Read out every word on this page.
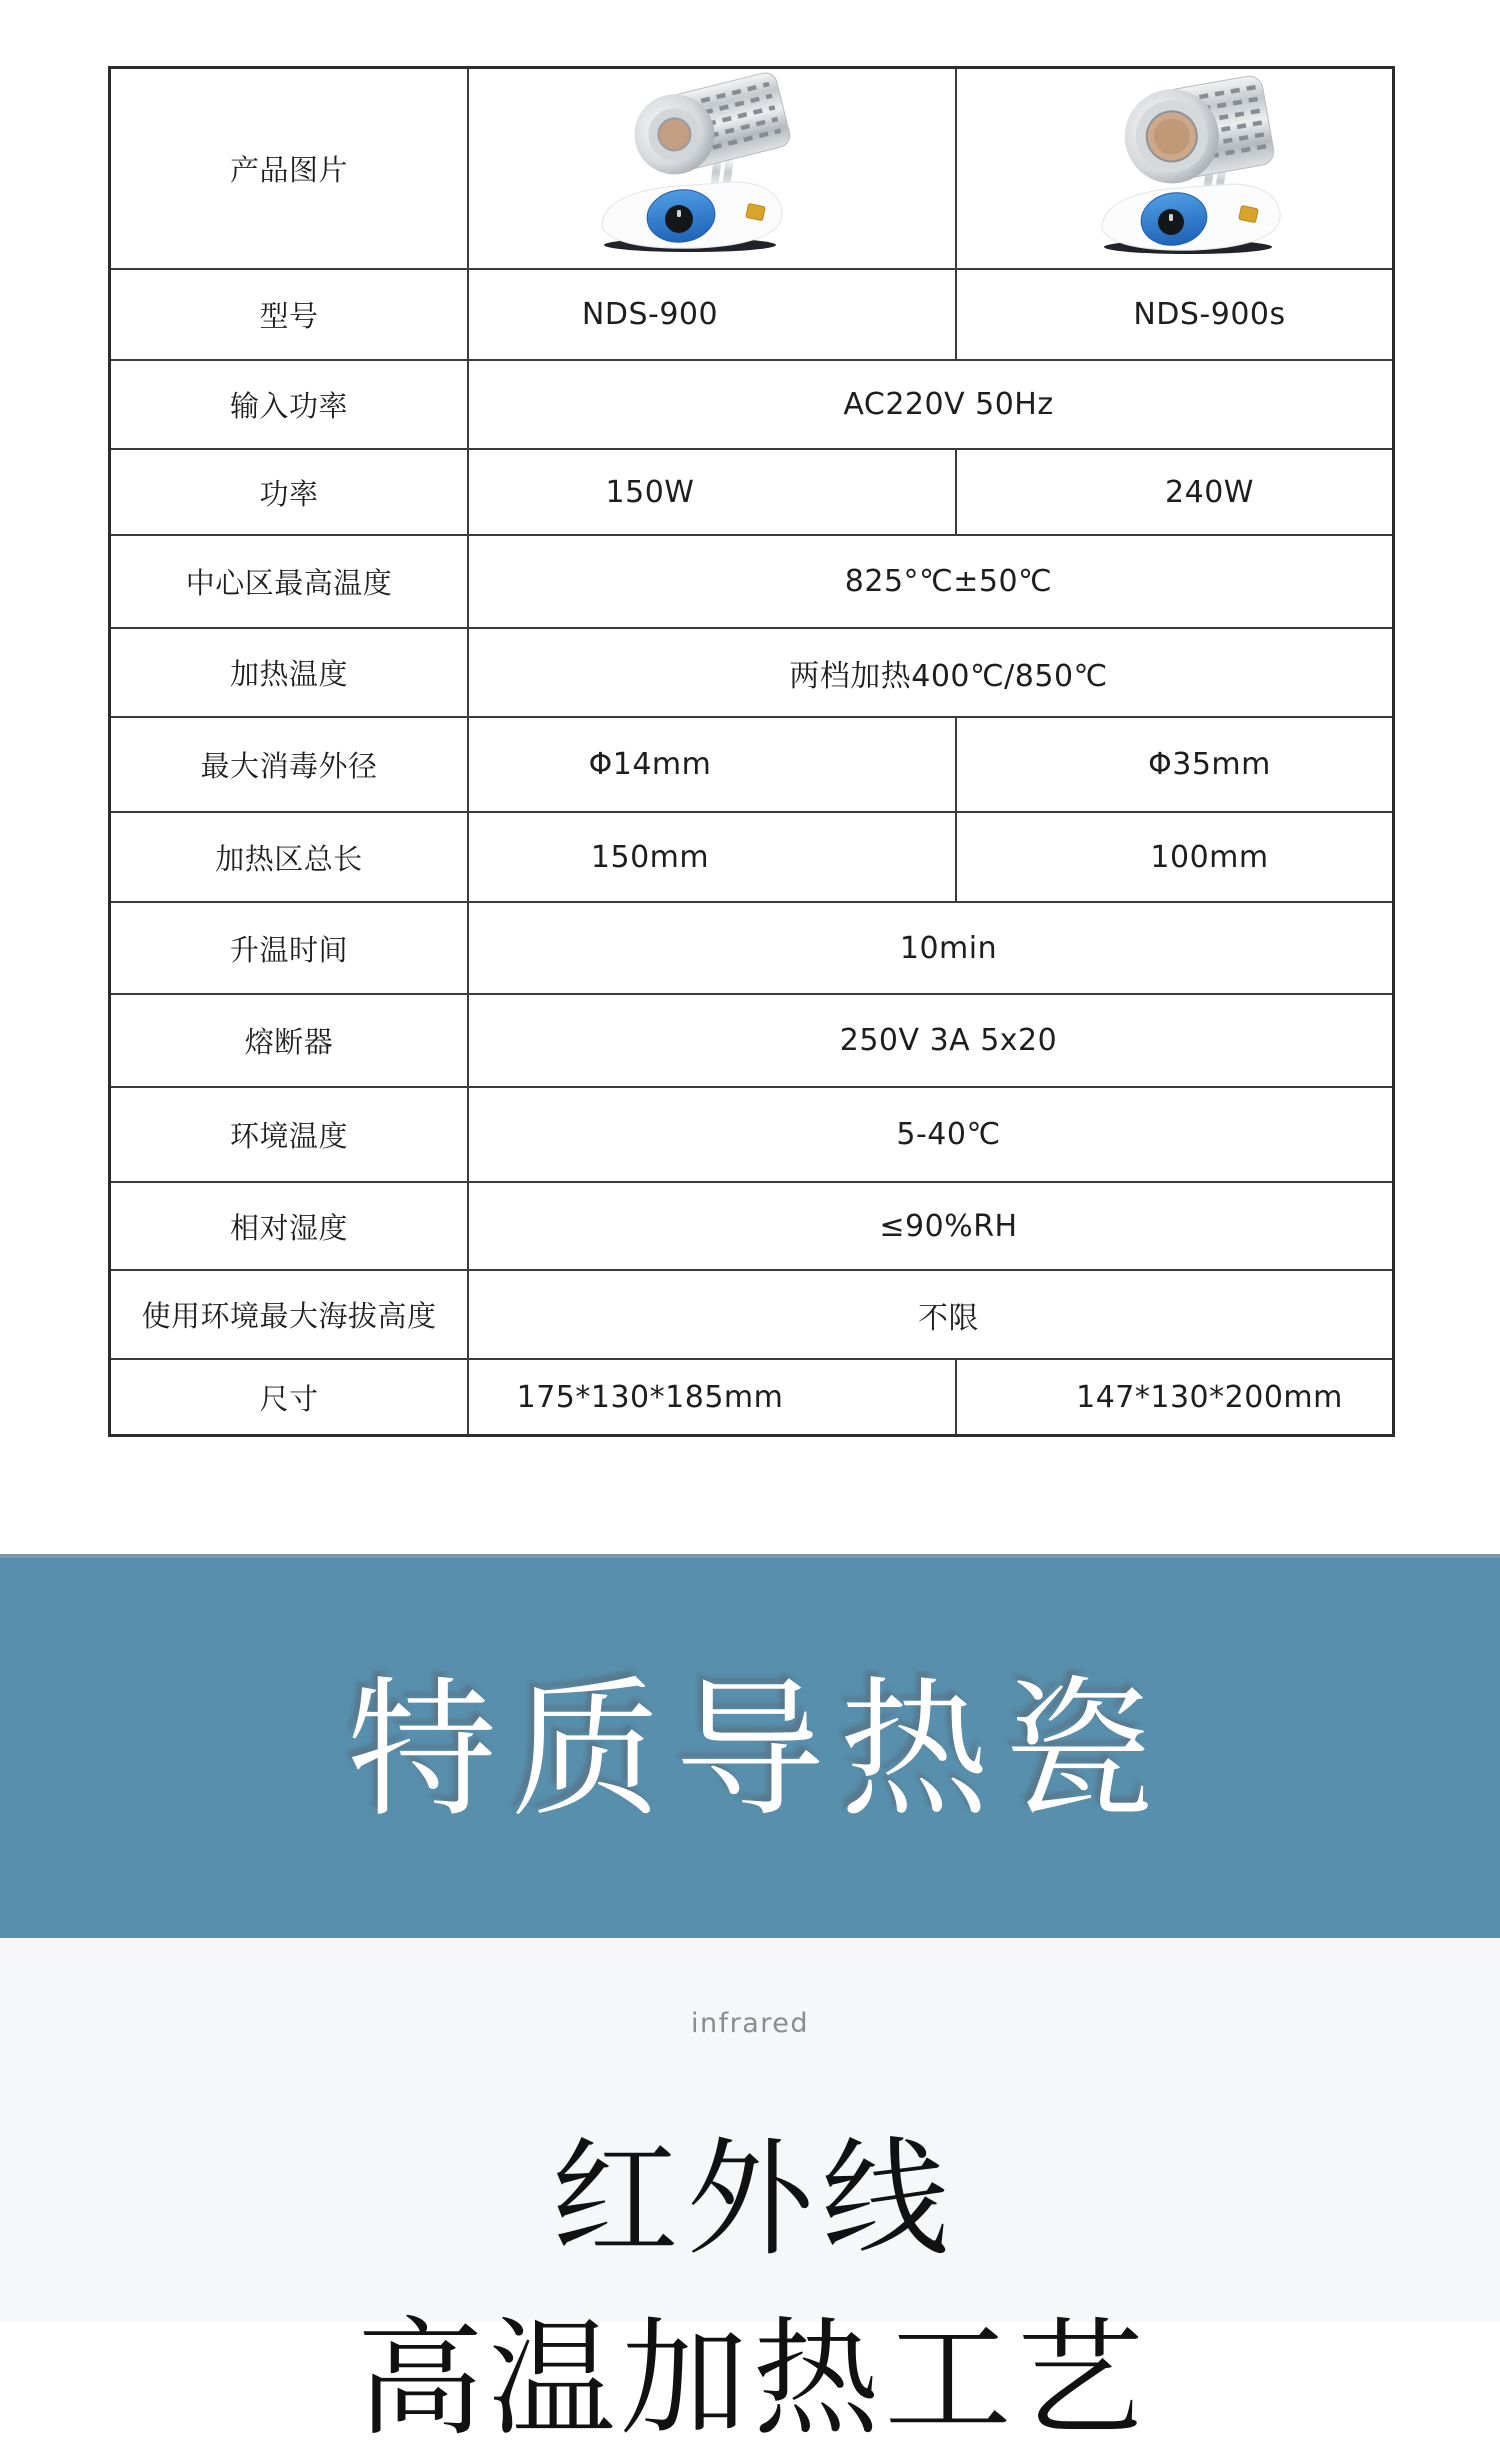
产品图片
型号	NDS-900	NDS-900s
输入功率	AC220V 50Hz
功率	150W	240W
中心区最高温度	825°℃±50℃
加热温度	两档加热400℃/850℃
最大消毒外径	Φ14mm	Φ35mm
加热区总长	150mm	100mm
升温时间	10min
熔断器	250V 3A 5x20
环境温度	5-40℃
相对湿度	≤90%RH
使用环境最大海拔高度	不限
尺寸	175*130*185mm	147*130*200mm
特质导热瓷
infrared
红外线
高温加热工艺
